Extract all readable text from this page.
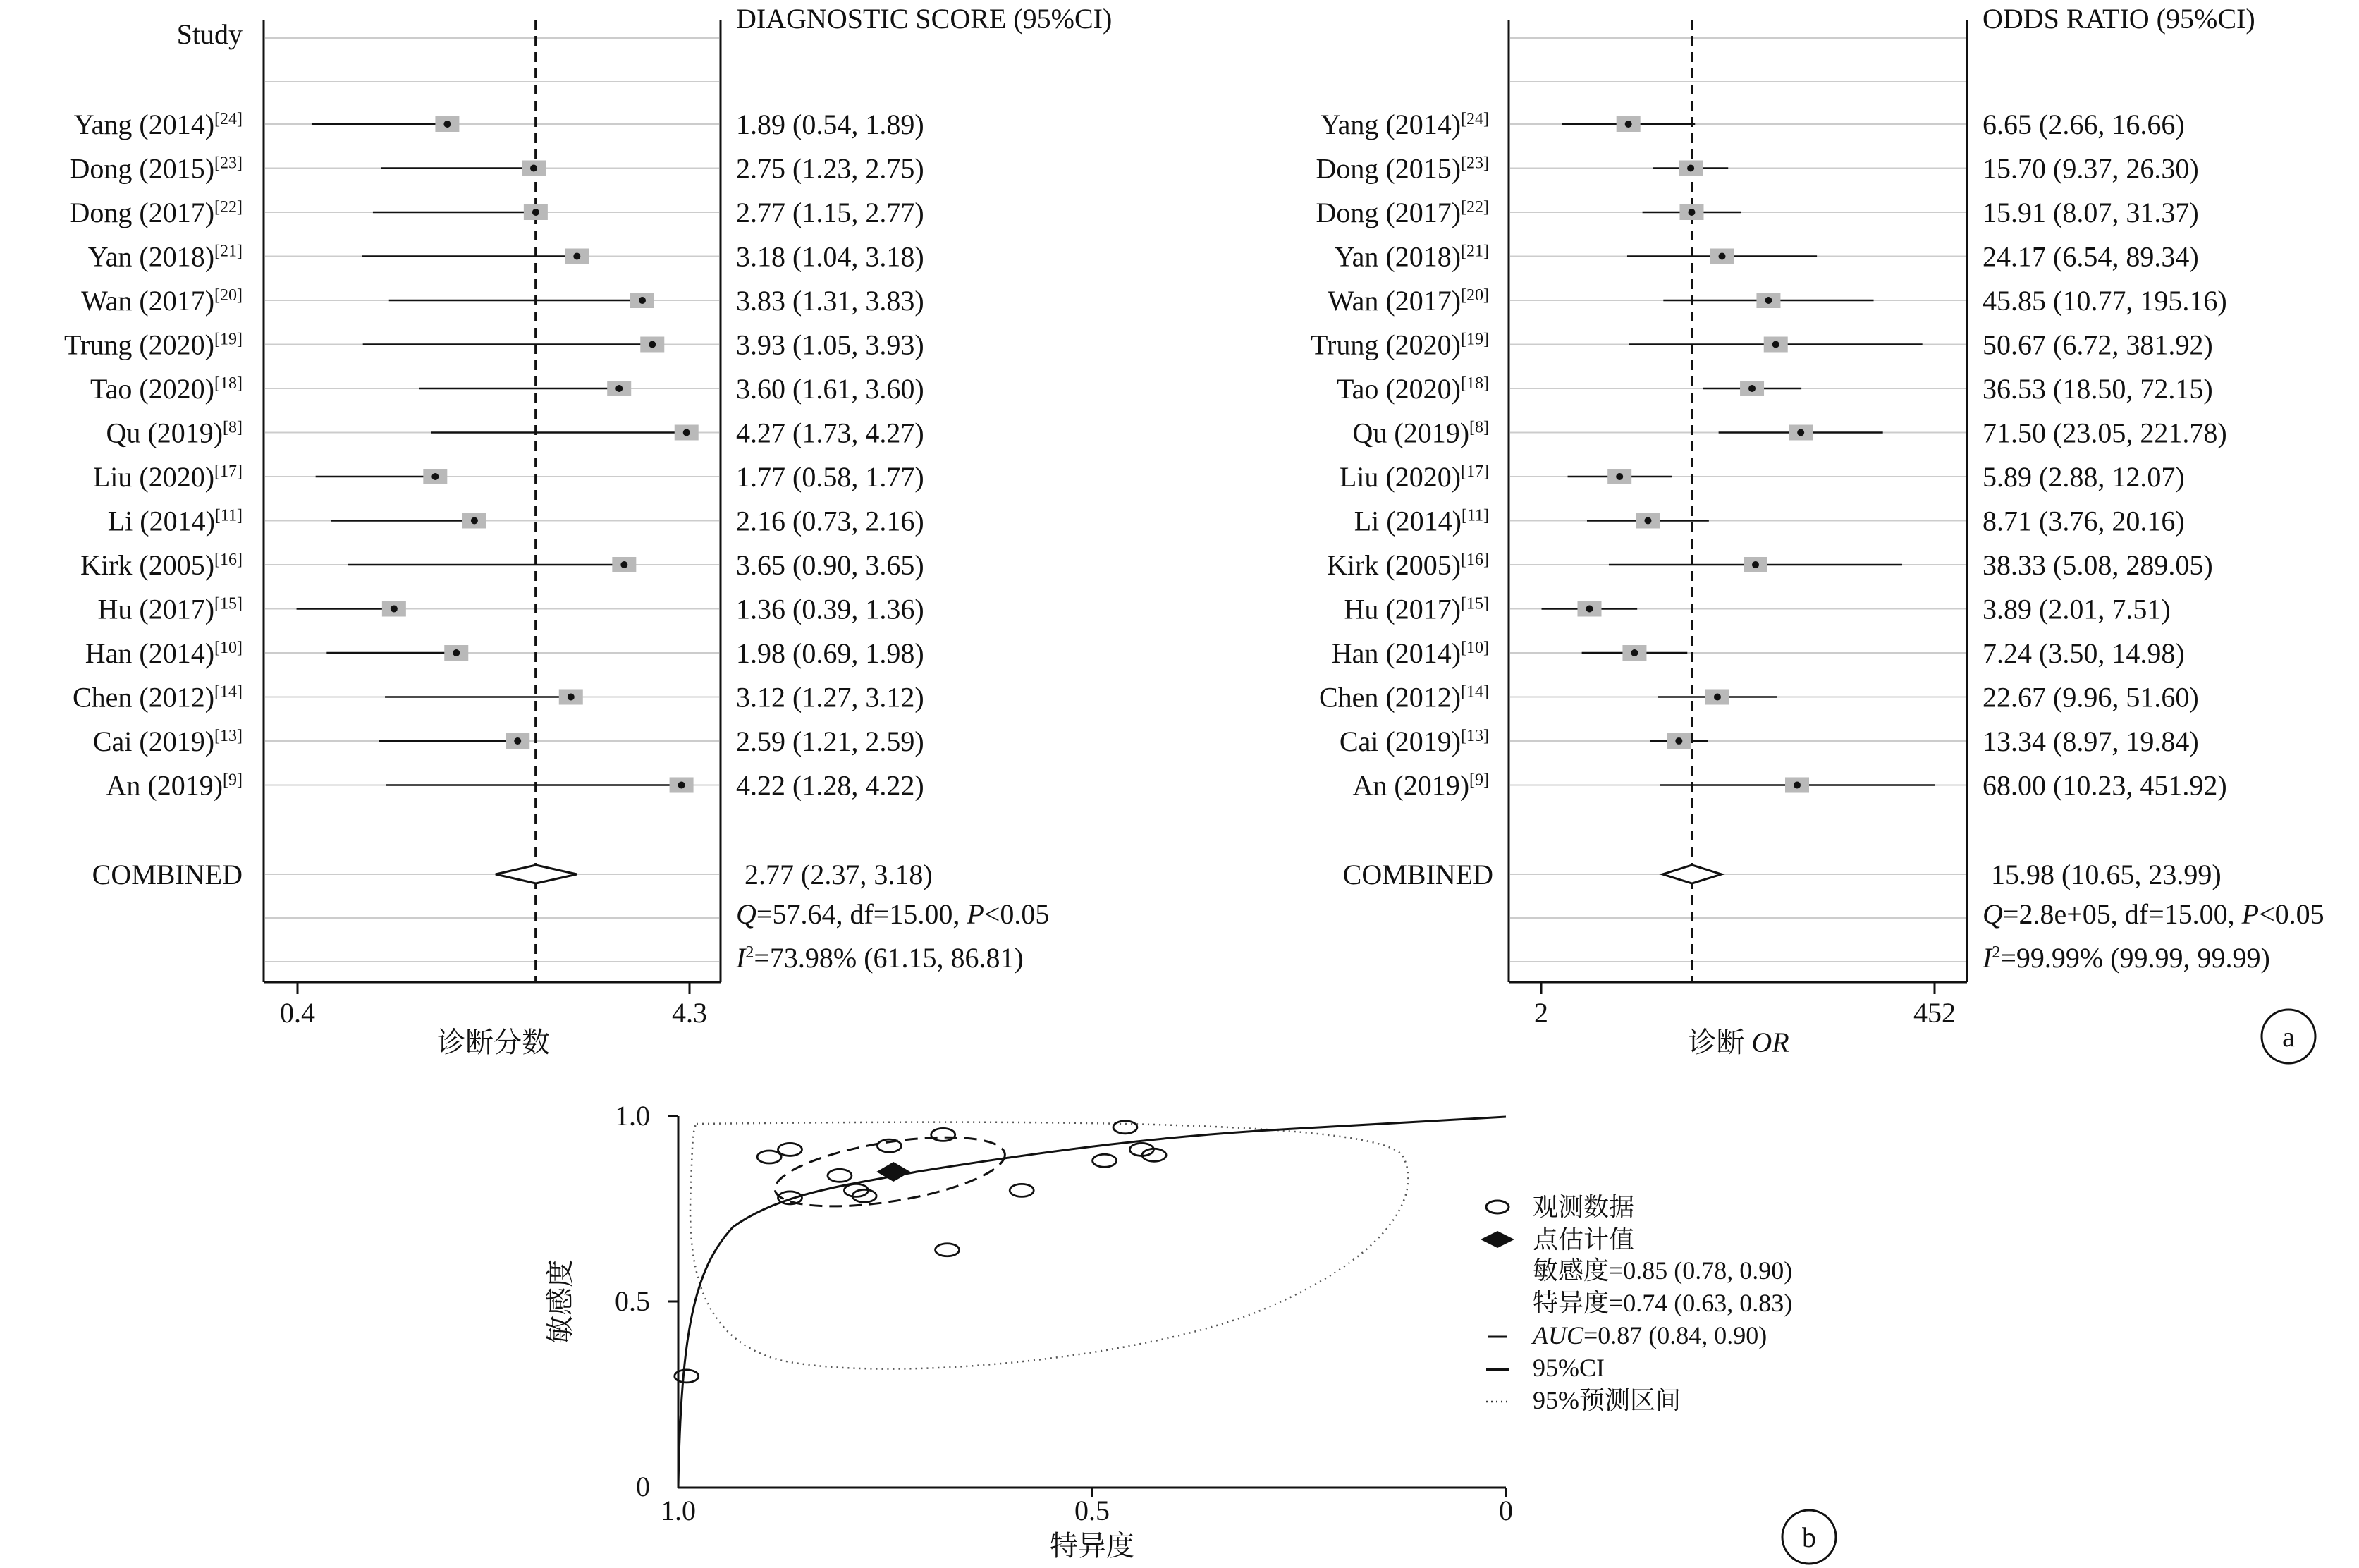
0.4	4.3
诊断分数
Study	DIAGNOSTIC SCORE (95%CI)
Q=57.64, df=15.00, P<0.05
$I^2=73.98\%$ (61.15, 86.81)
a
Yang (2014)[24]	1.89 (0.54, 1.89)
Dong (2015)[23]	2.75 (1.23, 2.75)
Dong (2017)[22]	2.77 (1.15, 2.77)
Yan (2018)[21]	3.18 (1.04, 3.18)
Wan (2017)[20]	3.83 (1.31, 3.83)
Trung (2020)[19]	3.93 (1.05, 3.93)
Tao (2020)[18]	3.60 (1.61, 3.60)
Qu (2019)[8]	4.27 (1.73, 4.27)
Liu (2020)[17]	1.77 (0.58, 1.77)
Li (2014)[11]	2.16 (0.73, 2.16)
Kirk (2005)[16]	3.65 (0.90, 3.65)
Hu (2017)[15]	1.36 (0.39, 1.36)
Han (2014)[10]	1.98 (0.69, 1.98)
Chen (2012)[14]	3.12 (1.27, 3.12)
Cai (2019)[13]	2.59 (1.21, 2.59)
An (2019)[9]	4.22 (1.28, 4.22)
COMBINED	2.77 (2.37, 3.18)
2	452
诊断 OR
ODDS RATIO (95%CI)
Q=2.8e+05, df=15.00, P<0.05
$I^2=99.99\%$ (99.99, 99.99)
Yang (2014)[24]	6.65 (2.66, 16.66)
Dong (2015)[23]	15.70 (9.37, 26.30)
Dong (2017)[22]	15.91 (8.07, 31.37)
Yan (2018)[21]	24.17 (6.54, 89.34)
Wan (2017)[20]	45.85 (10.77, 195.16)
Trung (2020)[19]	50.67 (6.72, 381.92)
Tao (2020)[18]	36.53 (18.50, 72.15)
Qu (2019)[8]	71.50 (23.05, 221.78)
Liu (2020)[17]	5.89 (2.88, 12.07)
Li (2014)[11]	8.71 (3.76, 20.16)
Kirk (2005)[16]	38.33 (5.08, 289.05)
Hu (2017)[15]	3.89 (2.01, 7.51)
Han (2014)[10]	7.24 (3.50, 14.98)
Chen (2012)[14]	22.67 (9.96, 51.60)
Cai (2019)[13]	13.34 (8.97, 19.84)
An (2019)[9]	68.00 (10.23, 451.92)
COMBINED	15.98 (10.65, 23.99)
1.0
0.5
0
1.0	0.5	0
特异度
敏感度
观测数据
点估计值
敏感度=0.85 (0.78, 0.90)
特异度=0.74 (0.63, 0.83)
AUC=0.87 (0.84, 0.90)
95%CI
95%预测区间
b
